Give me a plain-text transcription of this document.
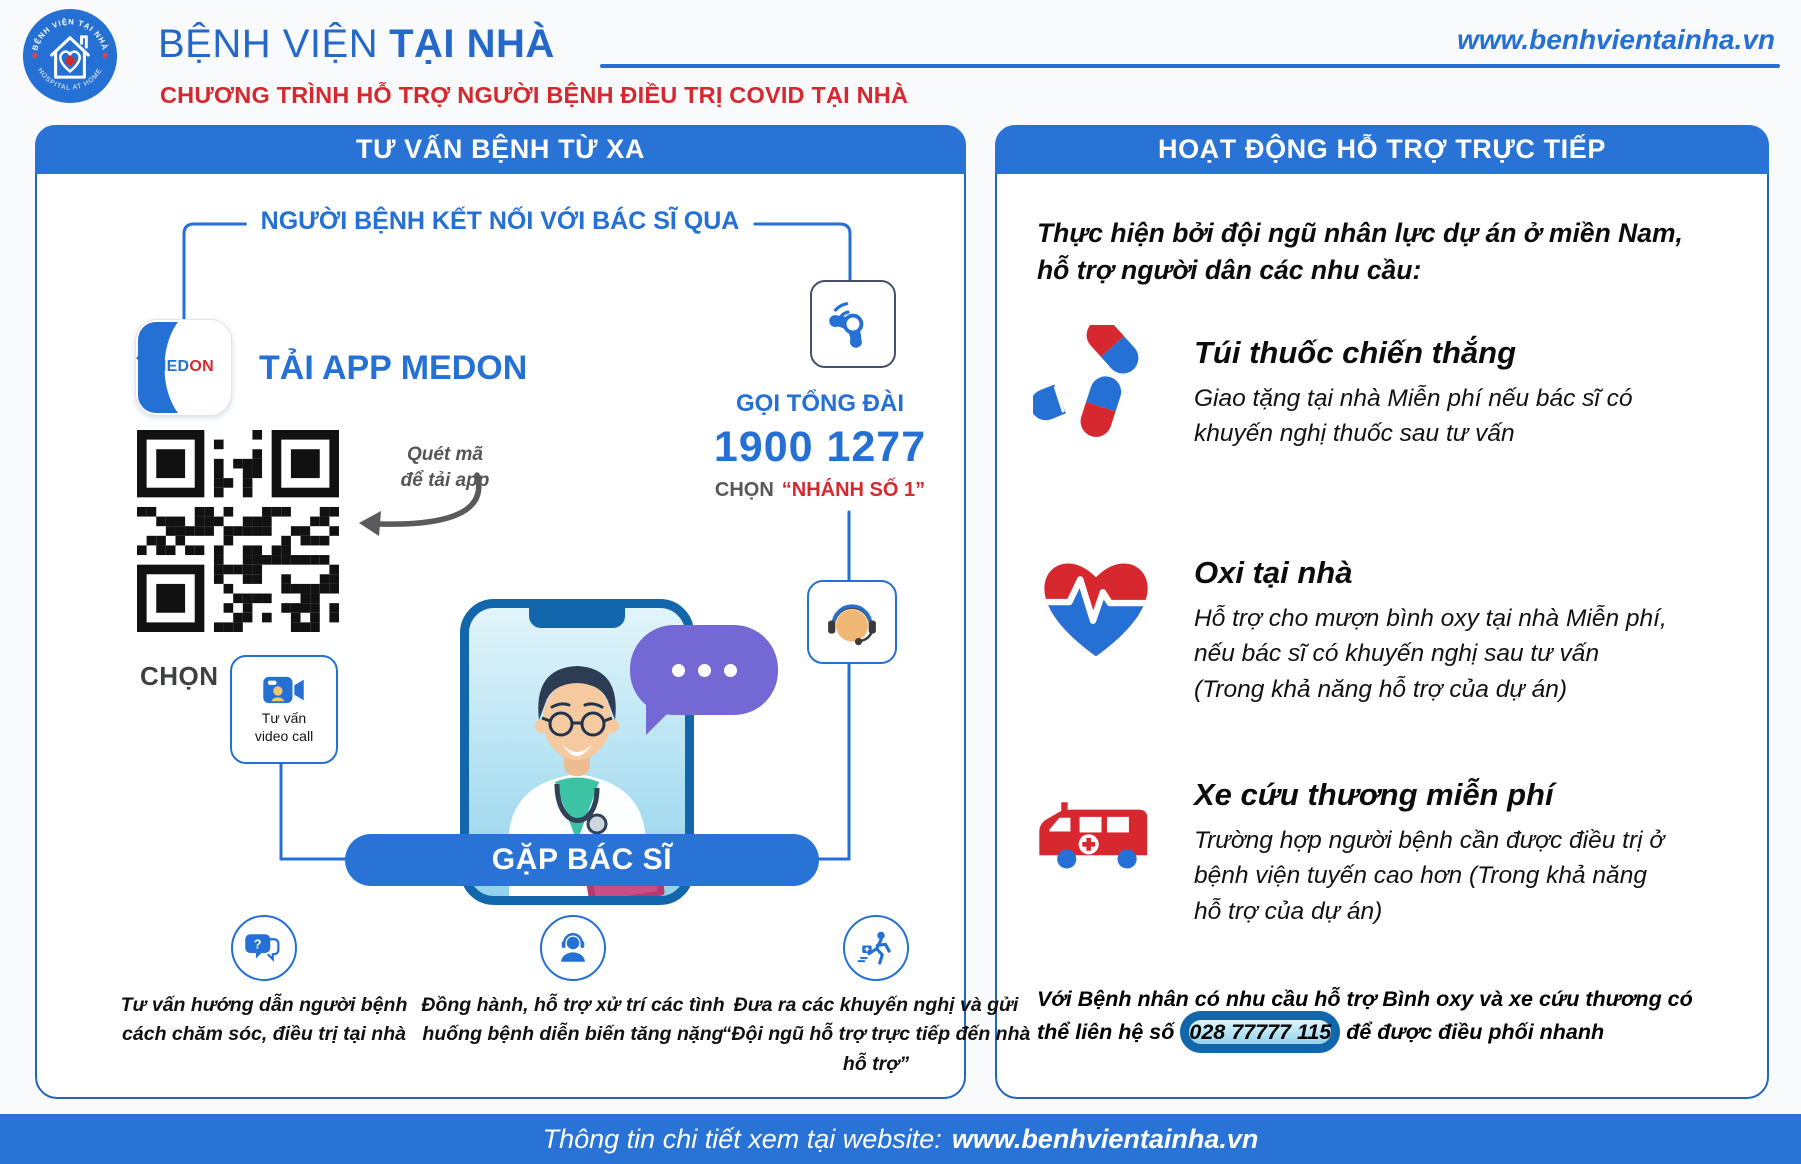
BỆNH VIỆN TẠI NHÀ
HOSPITAL AT HOME
BỆNH VIỆN TẠI NHÀ
CHƯƠNG TRÌNH HỖ TRỢ NGƯỜI BỆNH ĐIỀU TRỊ COVID TẠI NHÀ
www.benhvientainha.vn
TƯ VẤN BỆNH TỪ XA
NGƯỜI BỆNH KẾT NỐI VỚI BÁC SĨ QUA
MEDON	TẢI APP MEDON
Quét mã
để tải app
CHỌN
Tư vấn
video call
GỌI TỔNG ĐÀI
1900 1277
CHỌN “NHÁNH SỐ 1”
GẶP BÁC SĨ
?
Tư vấn hướng dẫn người bệnh cách chăm sóc, điều trị tại nhà
Đồng hành, hỗ trợ xử trí các tình huống bệnh diễn biến tăng nặng
Đưa ra các khuyến nghị và gửi “Đội ngũ hỗ trợ trực tiếp đến nhà hỗ trợ”
HOẠT ĐỘNG HỖ TRỢ TRỰC TIẾP
Thực hiện bởi đội ngũ nhân lực dự án ở miền Nam, hỗ trợ người dân các nhu cầu:
Túi thuốc chiến thắng
Giao tặng tại nhà Miễn phí nếu bác sĩ có khuyến nghị thuốc sau tư vấn
Oxi tại nhà
Hỗ trợ cho mượn bình oxy tại nhà Miễn phí, nếu bác sĩ có khuyến nghị sau tư vấn (Trong khả năng hỗ trợ của dự án)
Xe cứu thương miễn phí
Trường hợp người bệnh cần được điều trị ở bệnh viện tuyến cao hơn (Trong khả năng hỗ trợ của dự án)
Với Bệnh nhân có nhu cầu hỗ trợ Bình oxy và xe cứu thương có thể liên hệ số 028 77777 115 để được điều phối nhanh
Thông tin chi tiết xem tại website: www.benhvientainha.vn
